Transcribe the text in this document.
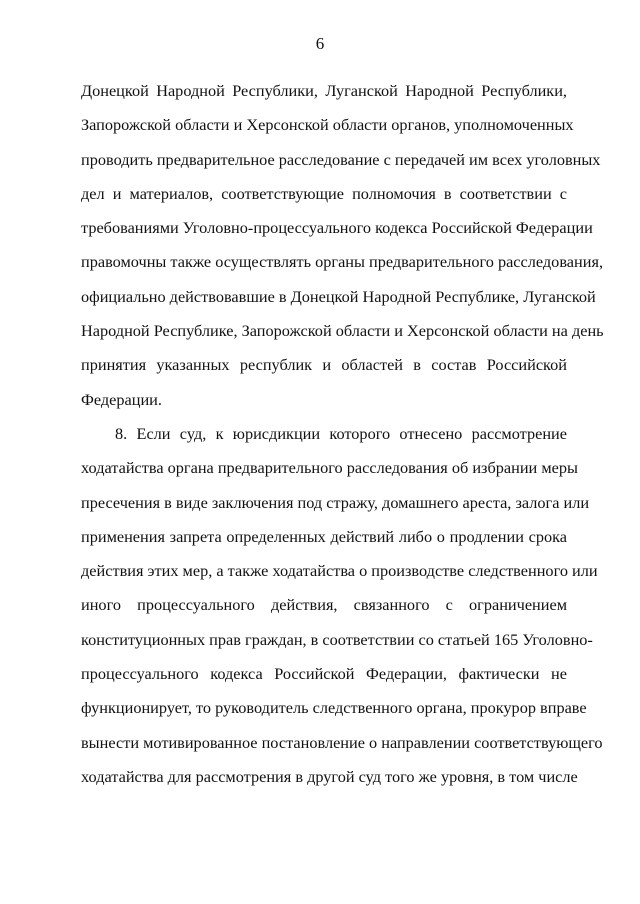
6
Донецкой Народной Республики, Луганской Народной Республики,
Запорожской области и Херсонской области органов, уполномоченных
проводить предварительное расследование с передачей им всех уголовных
дел и материалов, соответствующие полномочия в соответствии с
требованиями Уголовно-процессуального кодекса Российской Федерации
правомочны также осуществлять органы предварительного расследования,
официально действовавшие в Донецкой Народной Республике, Луганской
Народной Республике, Запорожской области и Херсонской области на день
принятия указанных республик и областей в состав Российской
Федерации.
8. Если суд, к юрисдикции которого отнесено рассмотрение
ходатайства органа предварительного расследования об избрании меры
пресечения в виде заключения под стражу, домашнего ареста, залога или
применения запрета определенных действий либо о продлении срока
действия этих мер, а также ходатайства о производстве следственного или
иного процессуального действия, связанного с ограничением
конституционных прав граждан, в соответствии со статьей 165 Уголовно-
процессуального кодекса Российской Федерации, фактически не
функционирует, то руководитель следственного органа, прокурор вправе
вынести мотивированное постановление о направлении соответствующего
ходатайства для рассмотрения в другой суд того же уровня, в том числе
